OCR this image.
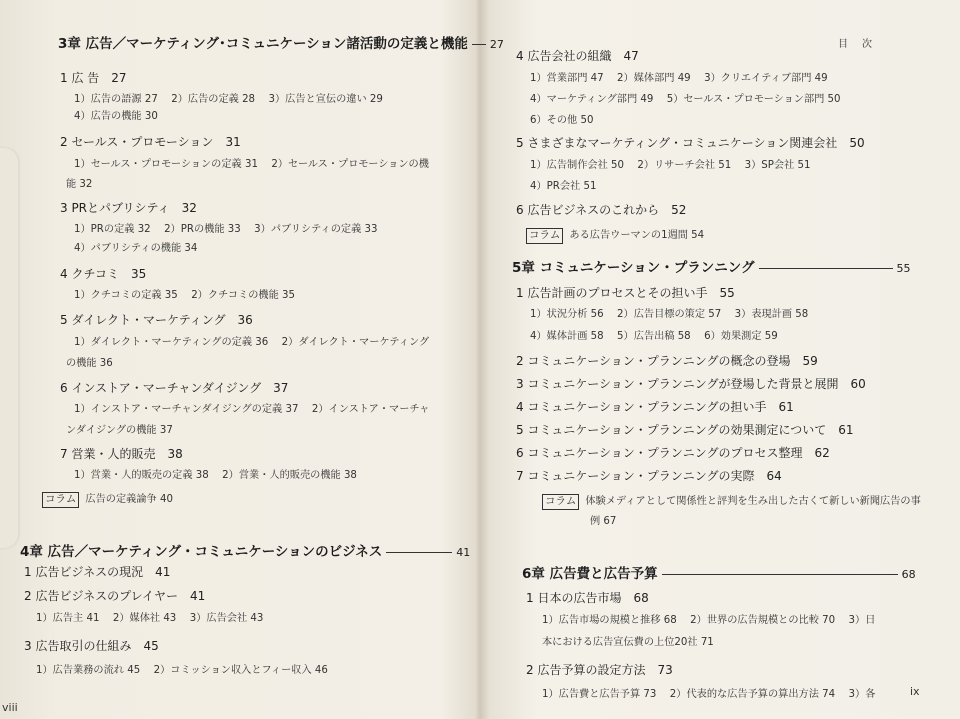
3章 広告／マーケティング･コミュニケーション諸活動の定義と機能 27
1 広 告　 27
1）広告の語源 27　 2）広告の定義 28　 3）広告と宣伝の違い 29
4）広告の機能 30
2 セールス・プロモーション　 31
1）セールス・プロモーションの定義 31　 2）セールス・プロモーションの機
能 32
3 PRとパブリシティ　 32
1）PRの定義 32　 2）PRの機能 33　 3）パブリシティの定義 33
4）パブリシティの機能 34
4 クチコミ　 35
1）クチコミの定義 35　 2）クチコミの機能 35
5 ダイレクト・マーケティング　 36
1）ダイレクト・マーケティングの定義 36　 2）ダイレクト・マーケティング
の機能 36
6 インストア・マーチャンダイジング　 37
1）インストア・マーチャンダイジングの定義 37　 2）インストア・マーチャ
ンダイジングの機能 37
7 営業・人的販売　 38
1）営業・人的販売の定義 38　 2）営業・人的販売の機能 38
コラム 広告の定義論争 40
4章 広告／マーケティング・コミュニケーションのビジネス	41
1 広告ビジネスの現況　 41
2 広告ビジネスのプレイヤー　 41
1）広告主 41　 2）媒体社 43　 3）広告会社 43
3 広告取引の仕組み　 45
1）広告業務の流れ 45　 2）コミッション収入とフィー収入 46
viii
目次
4 広告会社の組織　 47
1）営業部門 47　 2）媒体部門 49　 3）クリエイティブ部門 49
4）マーケティング部門 49　 5）セールス・プロモーション部門 50
6）その他 50
5 さまざまなマーケティング・コミュニケーション関連会社　 50
1）広告制作会社 50　 2）リサーチ会社 51　 3）SP会社 51
4）PR会社 51
6 広告ビジネスのこれから　 52
コラム ある広告ウーマンの1週間 54
5章 コミュニケーション・プランニング	55
1 広告計画のプロセスとその担い手　 55
1）状況分析 56　 2）広告目標の策定 57　 3）表現計画 58
4）媒体計画 58　 5）広告出稿 58　 6）効果測定 59
2 コミュニケーション・プランニングの概念の登場　 59
3 コミュニケーション・プランニングが登場した背景と展開　 60
4 コミュニケーション・プランニングの担い手　 61
5 コミュニケーション・プランニングの効果測定について　 61
6 コミュニケーション・プランニングのプロセス整理　 62
7 コミュニケーション・プランニングの実際　 64
コラム 体験メディアとして関係性と評判を生み出した古くて新しい新聞広告の事
例 67
6章 広告費と広告予算	68
1 日本の広告市場　 68
1）広告市場の規模と推移 68　 2）世界の広告規模との比較 70　 3）日
本における広告宣伝費の上位20社 71
2 広告予算の設定方法　 73
1）広告費と広告予算 73　 2）代表的な広告予算の算出方法 74　 3）各	ix
